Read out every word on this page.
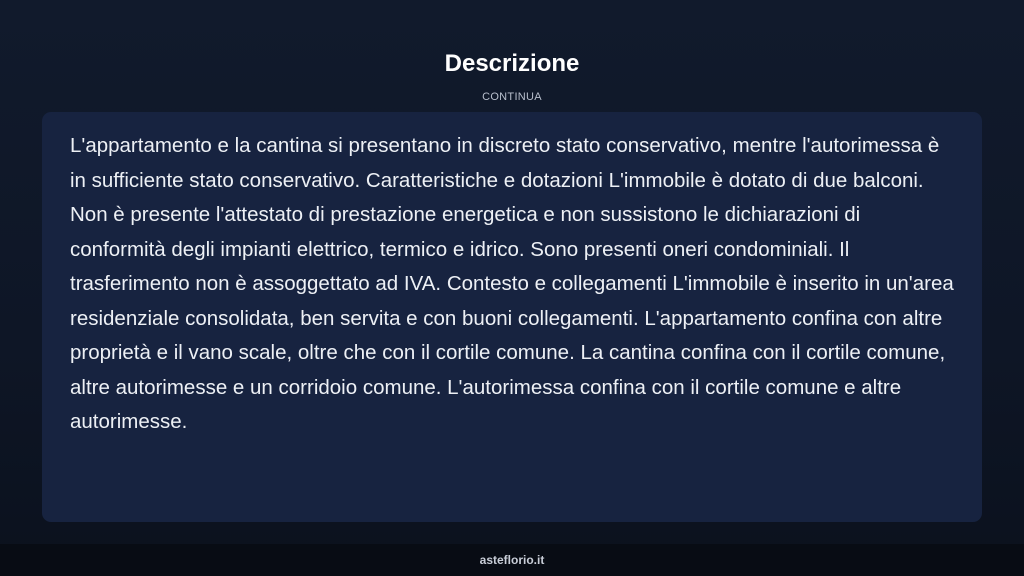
Descrizione
CONTINUA

L'appartamento e la cantina si presentano in discreto stato conservativo, mentre l'autorimessa è in sufficiente stato conservativo. Caratteristiche e dotazioni L'immobile è dotato di due balconi. Non è presente l'attestato di prestazione energetica e non sussistono le dichiarazioni di conformità degli impianti elettrico, termico e idrico. Sono presenti oneri condominiali. Il trasferimento non è assoggettato ad IVA. Contesto e collegamenti L'immobile è inserito in un'area residenziale consolidata, ben servita e con buoni collegamenti. L'appartamento confina con altre proprietà e il vano scale, oltre che con il cortile comune. La cantina confina con il cortile comune, altre autorimesse e un corridoio comune. L'autorimessa confina con il cortile comune e altre autorimesse.

asteflorio.it
